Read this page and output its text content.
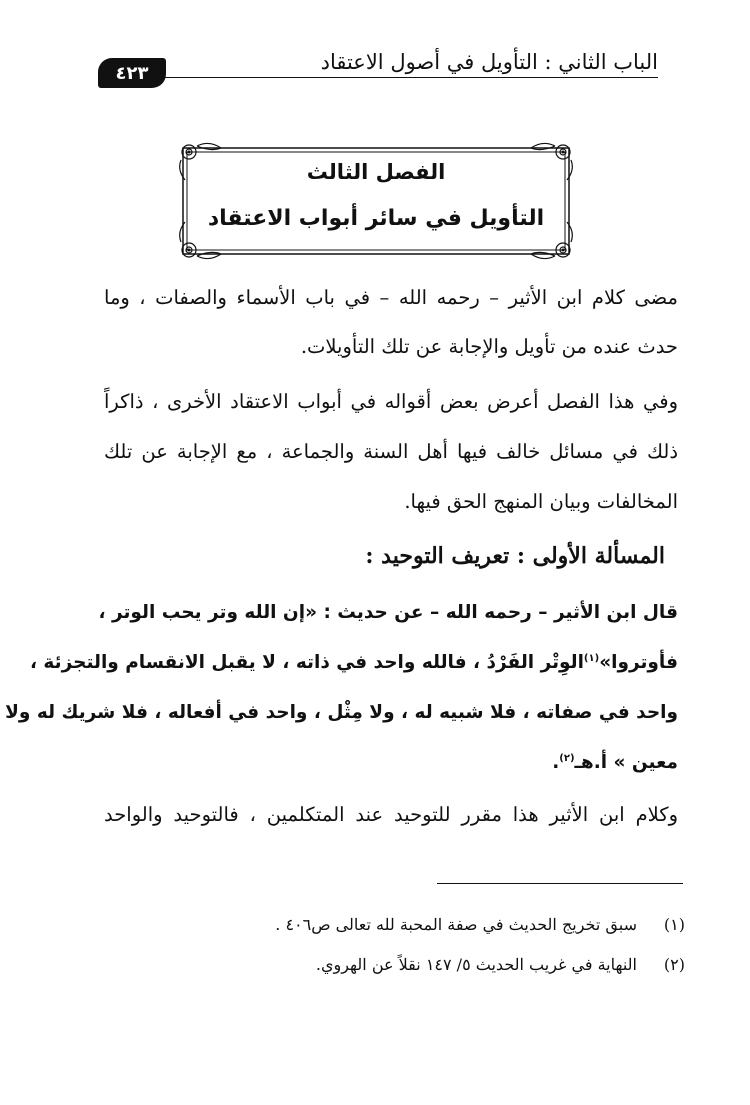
الباب الثاني : التأويل في أصول الاعتقاد
٤٢٣
الفصل الثالث
التأويل في سائر أبواب الاعتقاد
مضى كلام ابن الأثير – رحمه الله – في باب الأسماء والصفات ، وما
حدث عنده من تأويل والإجابة عن تلك التأويلات.
وفي هذا الفصل أعرض بعض أقواله في أبواب الاعتقاد الأخرى ، ذاكراً
ذلك في مسائل خالف فيها أهل السنة والجماعة ، مع الإجابة عن تلك
المخالفات وبيان المنهج الحق فيها.
المسألة الأولى : تعريف التوحيد :
قال ابن الأثير – رحمه الله – عن حديث : «إن الله وتر يحب الوتر ،
فأوتروا»$^{(١)}$الوِتْر الفَرْدُ ، فالله واحد في ذاته ، لا يقبل الانقسام والتجزئة ،
واحد في صفاته ، فلا شبيه له ، ولا مِثْل ، واحد في أفعاله ، فلا شريك له ولا
معين » أ.هـ$^{(٢)}$.
وكلام ابن الأثير هذا مقرر للتوحيد عند المتكلمين ، فالتوحيد والواحد
(١)سبق تخريج الحديث في صفة المحبة لله تعالى ص٤٠٦ .
(٢)النهاية في غريب الحديث ٥/ ١٤٧ نقلاً عن الهروي.
